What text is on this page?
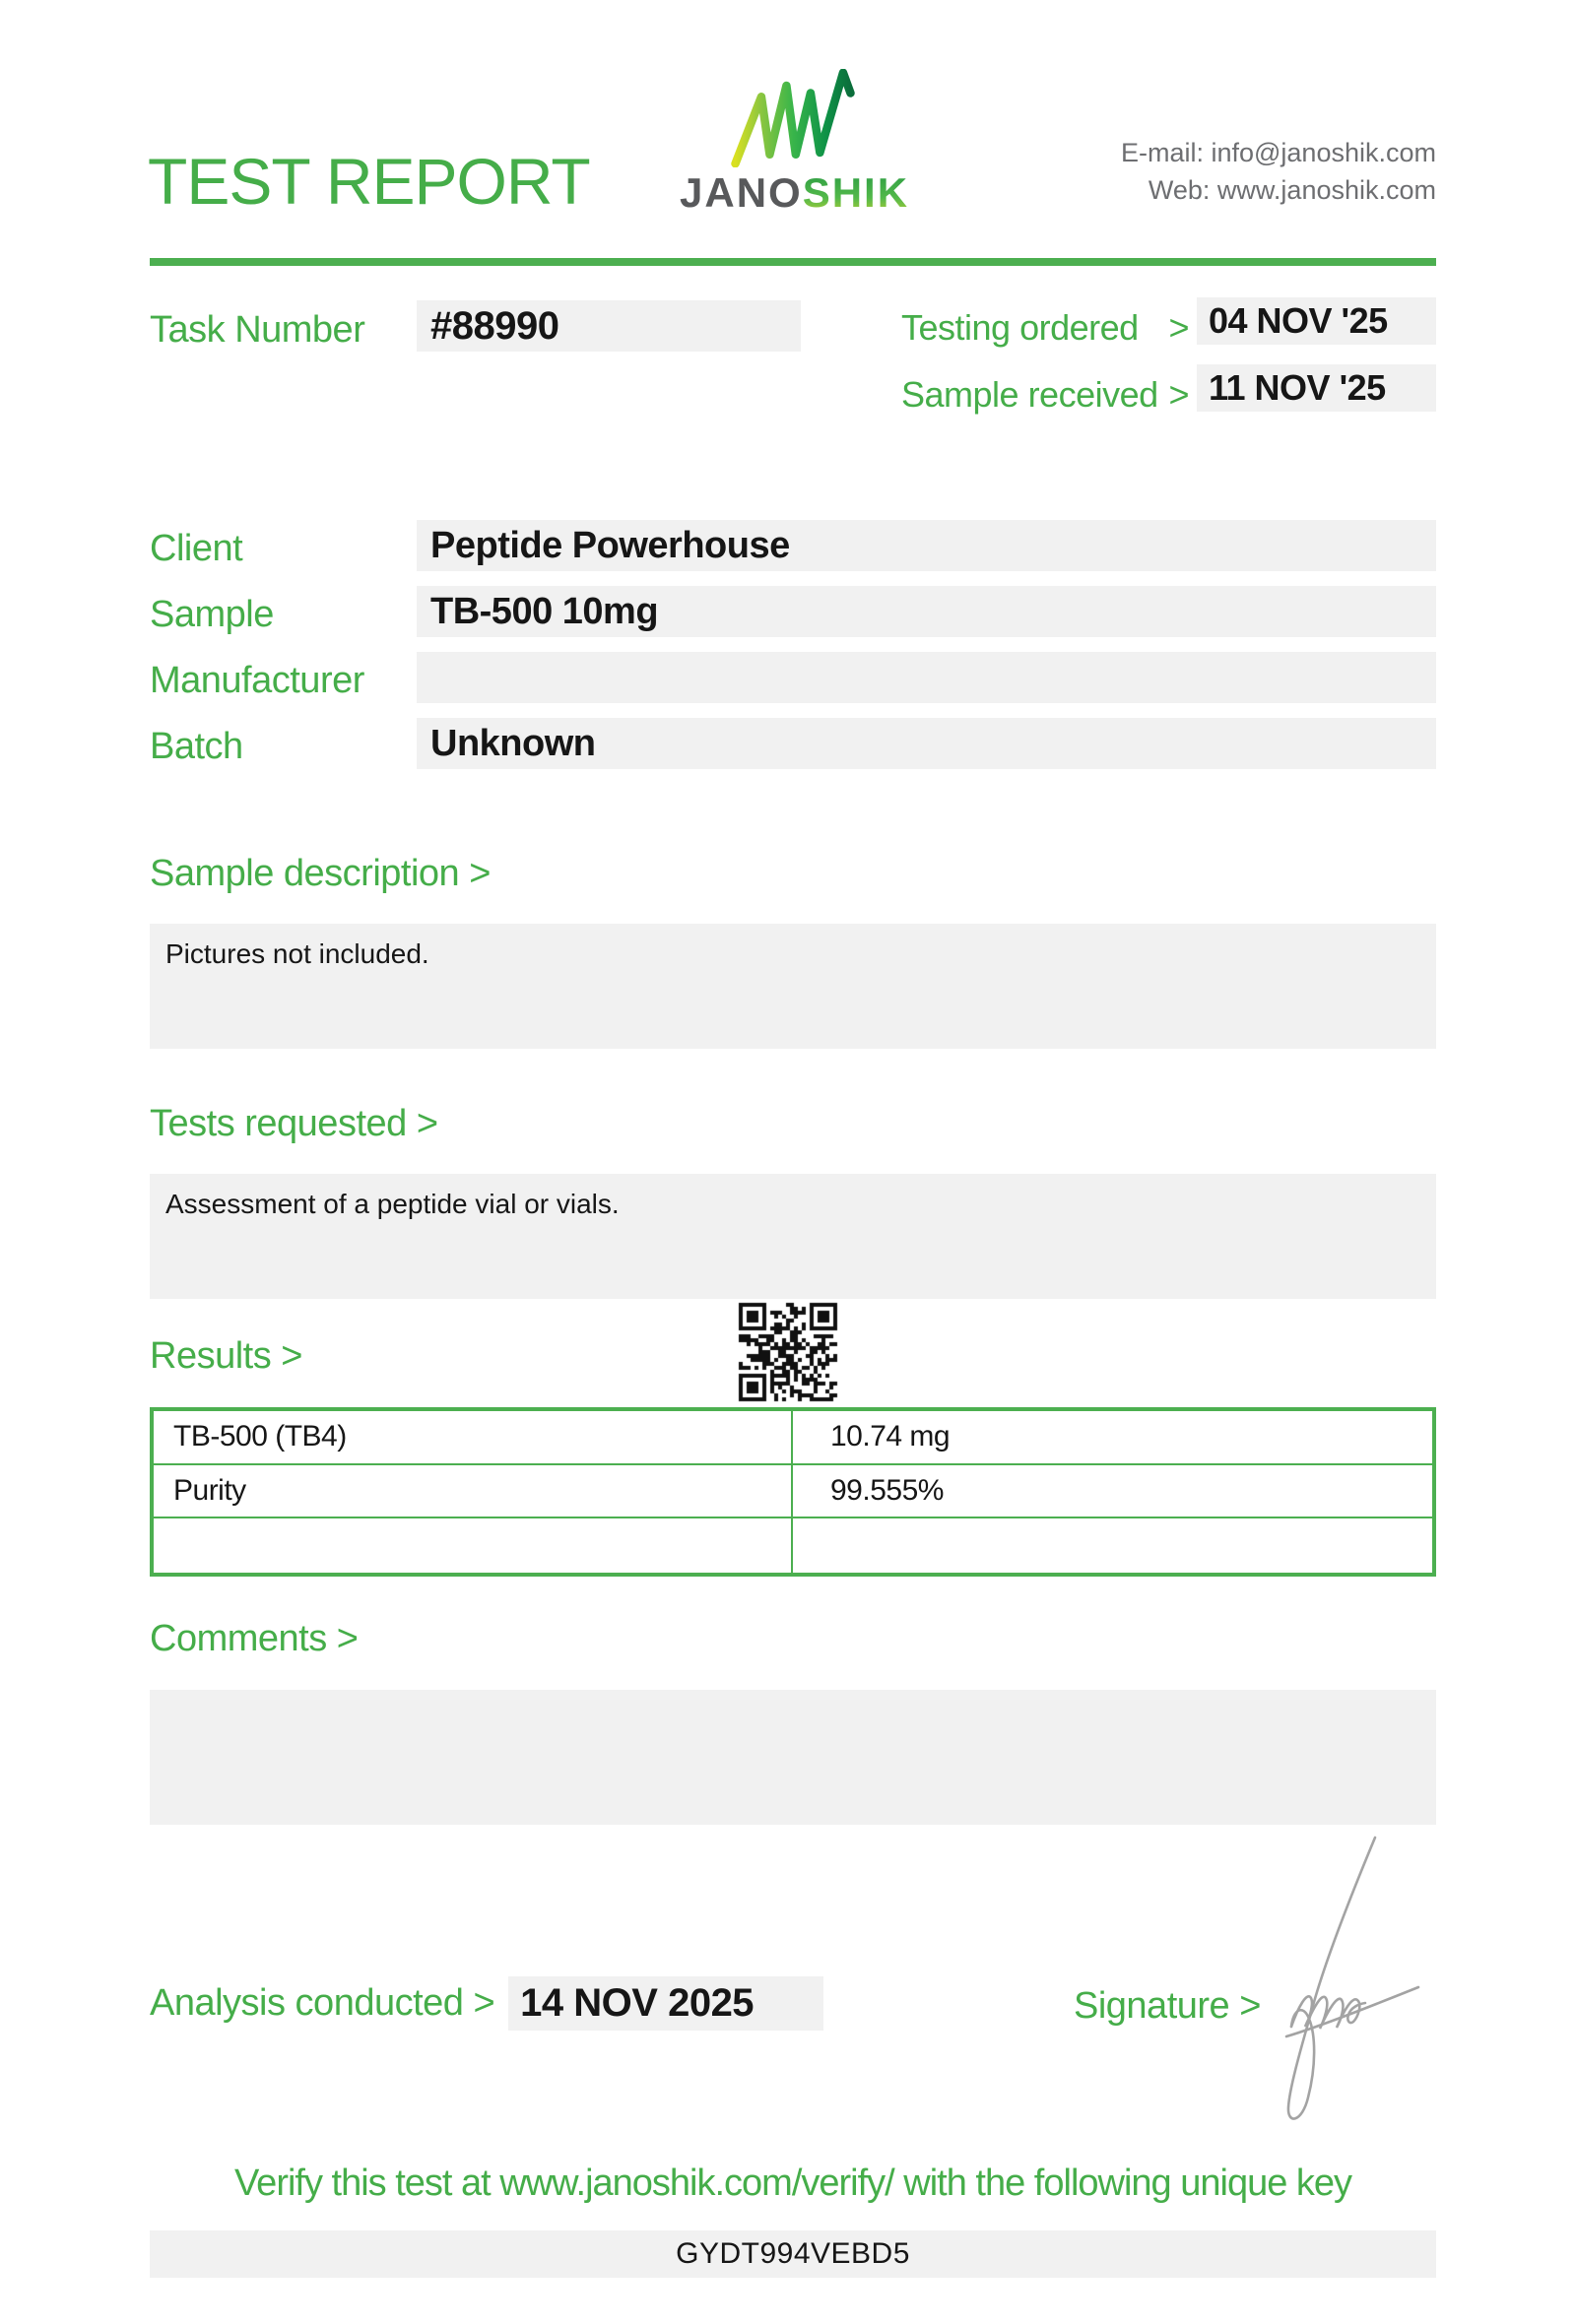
TEST REPORT JANOSHIK
E-mail: info@janoshik.com
Web: www.janoshik.com
Task Number	#88990	Testing ordered > 04 NOV '25
Sample received > 11 NOV '25
Client	Peptide Powerhouse
Sample	TB-500 10mg
Manufacturer
Batch	Unknown
Sample description >
Pictures not included.
Tests requested >
Assessment of a peptide vial or vials.
Results >
TB-500 (TB4)	10.74 mg
Purity	99.555%
Comments >
Analysis conducted > 14 NOV 2025	Signature >
Verify this test at www.janoshik.com/verify/ with the following unique key
GYDT994VEBD5
